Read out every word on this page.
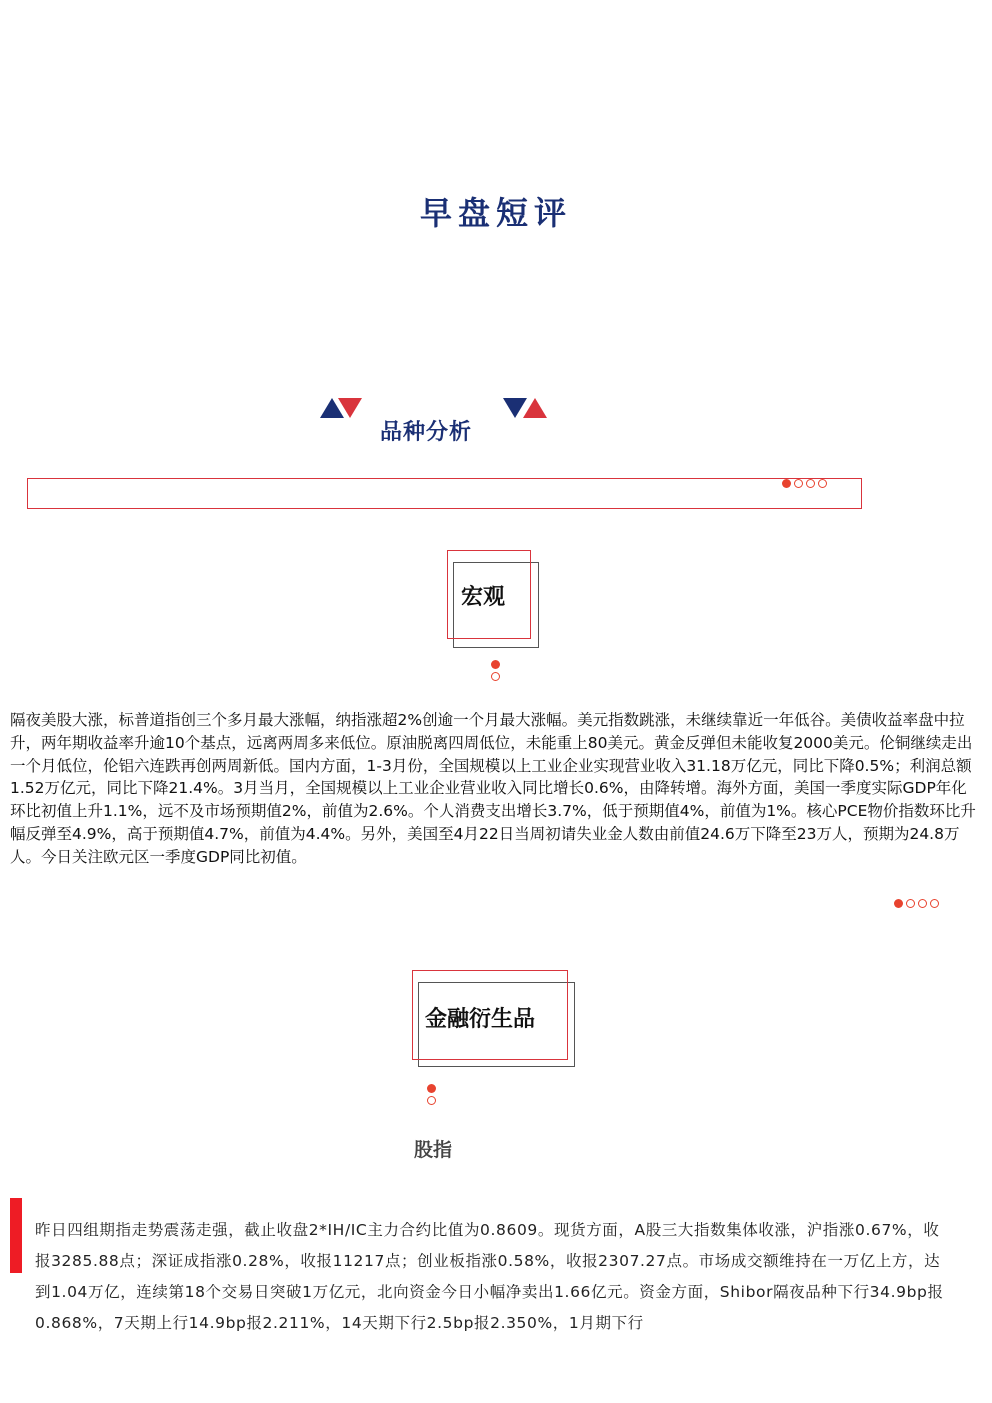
早盘短评
品种分析
宏观
隔夜美股大涨，标普道指创三个多月最大涨幅，纳指涨超2%创逾一个月最大涨幅。美元指数跳涨，未继续靠近一年低谷。美债收益率盘中拉升，两年期收益率升逾10个基点，远离两周多来低位。原油脱离四周低位，未能重上80美元。黄金反弹但未能收复2000美元。伦铜继续走出一个月低位，伦铝六连跌再创两周新低。国内方面，1-3月份，全国规模以上工业企业实现营业收入31.18万亿元，同比下降0.5%；利润总额1.52万亿元，同比下降21.4%。3月当月，全国规模以上工业企业营业收入同比增长0.6%，由降转增。海外方面，美国一季度实际GDP年化环比初值上升1.1%，远不及市场预期值2%，前值为2.6%。个人消费支出增长3.7%，低于预期值4%，前值为1%。核心PCE物价指数环比升幅反弹至4.9%，高于预期值4.7%，前值为4.4%。另外，美国至4月22日当周初请失业金人数由前值24.6万下降至23万人，预期为24.8万人。今日关注欧元区一季度GDP同比初值。
金融衍生品
股指
昨日四组期指走势震荡走强，截止收盘2*IH/IC主力合约比值为0.8609。现货方面，A股三大指数集体收涨，沪指涨0.67%，收报3285.88点；深证成指涨0.28%，收报11217点；创业板指涨0.58%，收报2307.27点。市场成交额维持在一万亿上方，达到1.04万亿，连续第18个交易日突破1万亿元，北向资金今日小幅净卖出1.66亿元。资金方面，Shibor隔夜品种下行34.9bp报0.868%，7天期上行14.9bp报2.211%，14天期下行2.5bp报2.350%，1月期下行
